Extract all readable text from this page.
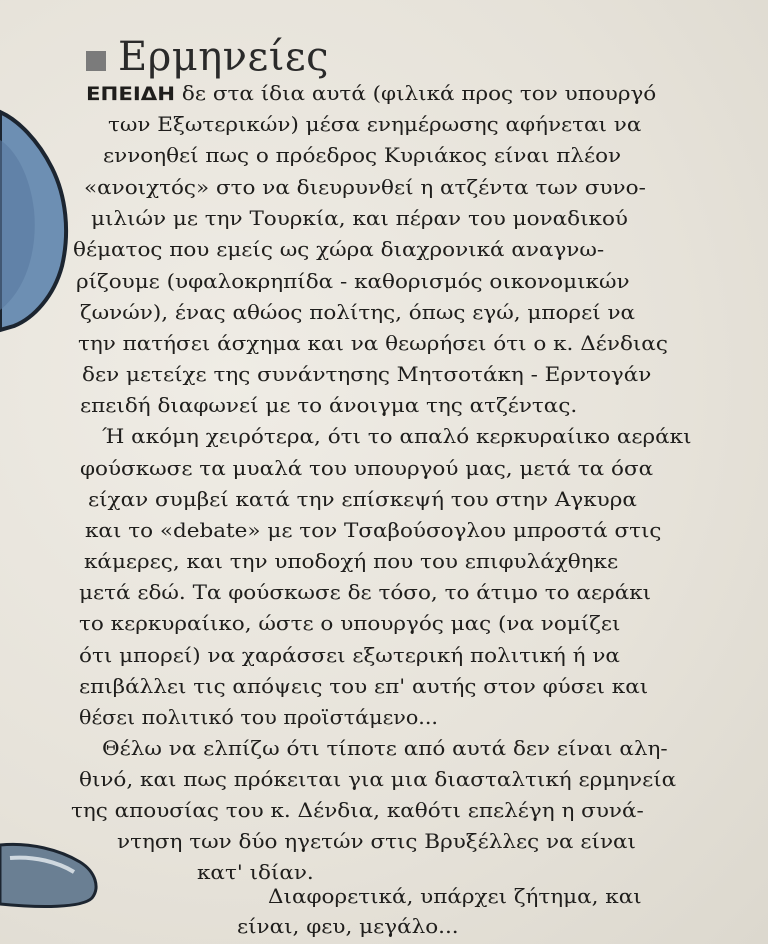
Ερμηνείες

ΕΠΕΙΔΗ δε στα ίδια αυτά (φιλικά προς τον υπουργό

των Εξωτερικών) μέσα ενημέρωσης αφήνεται να

εννοηθεί πως ο πρόεδρος Κυριάκος είναι πλέον

«ανοιχτός» στο να διευρυνθεί η ατζέντα των συνο-

μιλιών με την Τουρκία, και πέραν του μοναδικού

θέματος που εμείς ως χώρα διαχρονικά αναγνω-

ρίζουμε (υφαλοκρηπίδα - καθορισμός οικονομικών

ζωνών), ένας αθώος πολίτης, όπως εγώ, μπορεί να

την πατήσει άσχημα και να θεωρήσει ότι ο κ. Δένδιας

δεν μετείχε της συνάντησης Μητσοτάκη - Ερντογάν

επειδή διαφωνεί με το άνοιγμα της ατζέντας.

Ή ακόμη χειρότερα, ότι το απαλό κερκυραίικο αεράκι

φούσκωσε τα μυαλά του υπουργού μας, μετά τα όσα

είχαν συμβεί κατά την επίσκεψή του στην Αγκυρα

και το «debate» με τον Τσαβούσογλου μπροστά στις

κάμερες, και την υποδοχή που του επιφυλάχθηκε

μετά εδώ. Τα φούσκωσε δε τόσο, το άτιμο το αεράκι

το κερκυραίικο, ώστε ο υπουργός μας (να νομίζει

ότι μπορεί) να χαράσσει εξωτερική πολιτική ή να

επιβάλλει τις απόψεις του επ' αυτής στον φύσει και

θέσει πολιτικό του προϊστάμενο...

Θέλω να ελπίζω ότι τίποτε από αυτά δεν είναι αλη-

θινό, και πως πρόκειται για μια διασταλτική ερμηνεία

της απουσίας του κ. Δένδια, καθότι επελέγη η συνά-

ντηση των δύο ηγετών στις Βρυξέλλες να είναι

κατ' ιδίαν.

Διαφορετικά, υπάρχει ζήτημα, και

είναι, φευ, μεγάλο...
